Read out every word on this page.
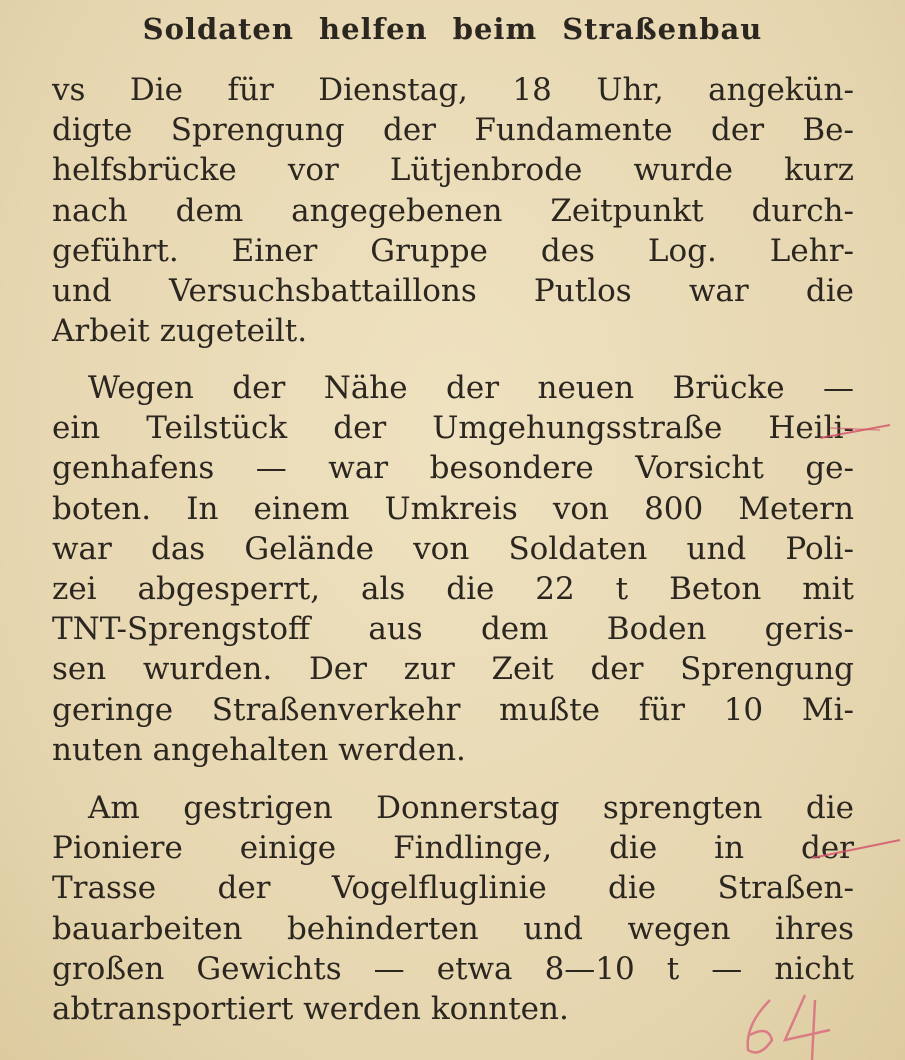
Soldaten helfen beim Straßenbau
vs Die für Dienstag, 18 Uhr, angekün-
digte Sprengung der Fundamente der Be-
helfsbrücke vor Lütjenbrode wurde kurz
nach dem angegebenen Zeitpunkt durch-
geführt. Einer Gruppe des Log. Lehr-
und Versuchsbattaillons Putlos war die
Arbeit zugeteilt.
Wegen der Nähe der neuen Brücke —
ein Teilstück der Umgehungsstraße Heili-
genhafens — war besondere Vorsicht ge-
boten. In einem Umkreis von 800 Metern
war das Gelände von Soldaten und Poli-
zei abgesperrt, als die 22 t Beton mit
TNT-Sprengstoff aus dem Boden geris-
sen wurden. Der zur Zeit der Sprengung
geringe Straßenverkehr mußte für 10 Mi-
nuten angehalten werden.
Am gestrigen Donnerstag sprengten die
Pioniere einige Findlinge, die in der
Trasse der Vogelfluglinie die Straßen-
bauarbeiten behinderten und wegen ihres
großen Gewichts — etwa 8—10 t — nicht
abtransportiert werden konnten.
